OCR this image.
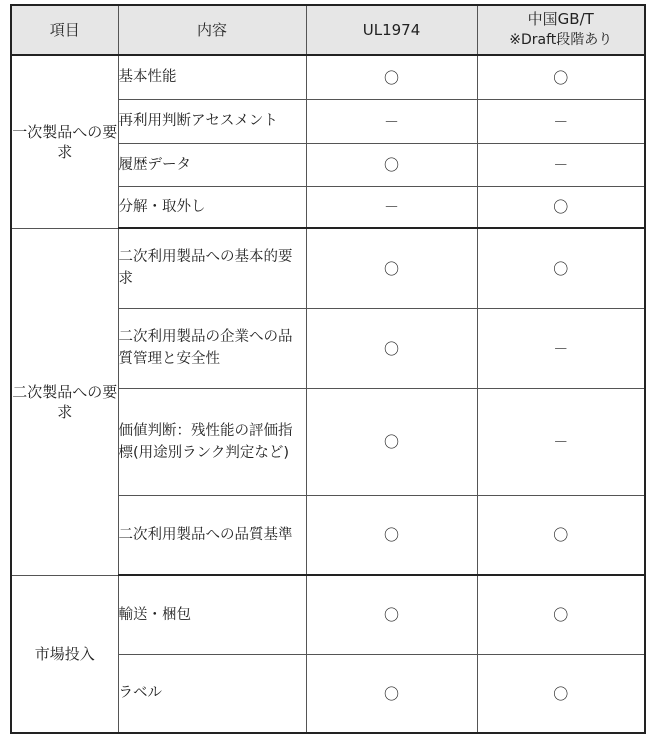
項目	内容	UL1974	中国GB/T
※Draft段階あり

一次製品への要求	基本性能	〇	〇
	再利用判断アセスメント	－	－
	履歴データ	〇	－
	分解・取外し	－	〇
二次製品への要求	二次利用製品への基本的要求	〇	〇
	二次利用製品の企業への品質管理と安全性	〇	－
	価値判断：残性能の評価指標(用途別ランク判定など)	〇	－
	二次利用製品への品質基準	〇	〇
市場投入	輸送・梱包	〇	〇
	ラベル	〇	〇
